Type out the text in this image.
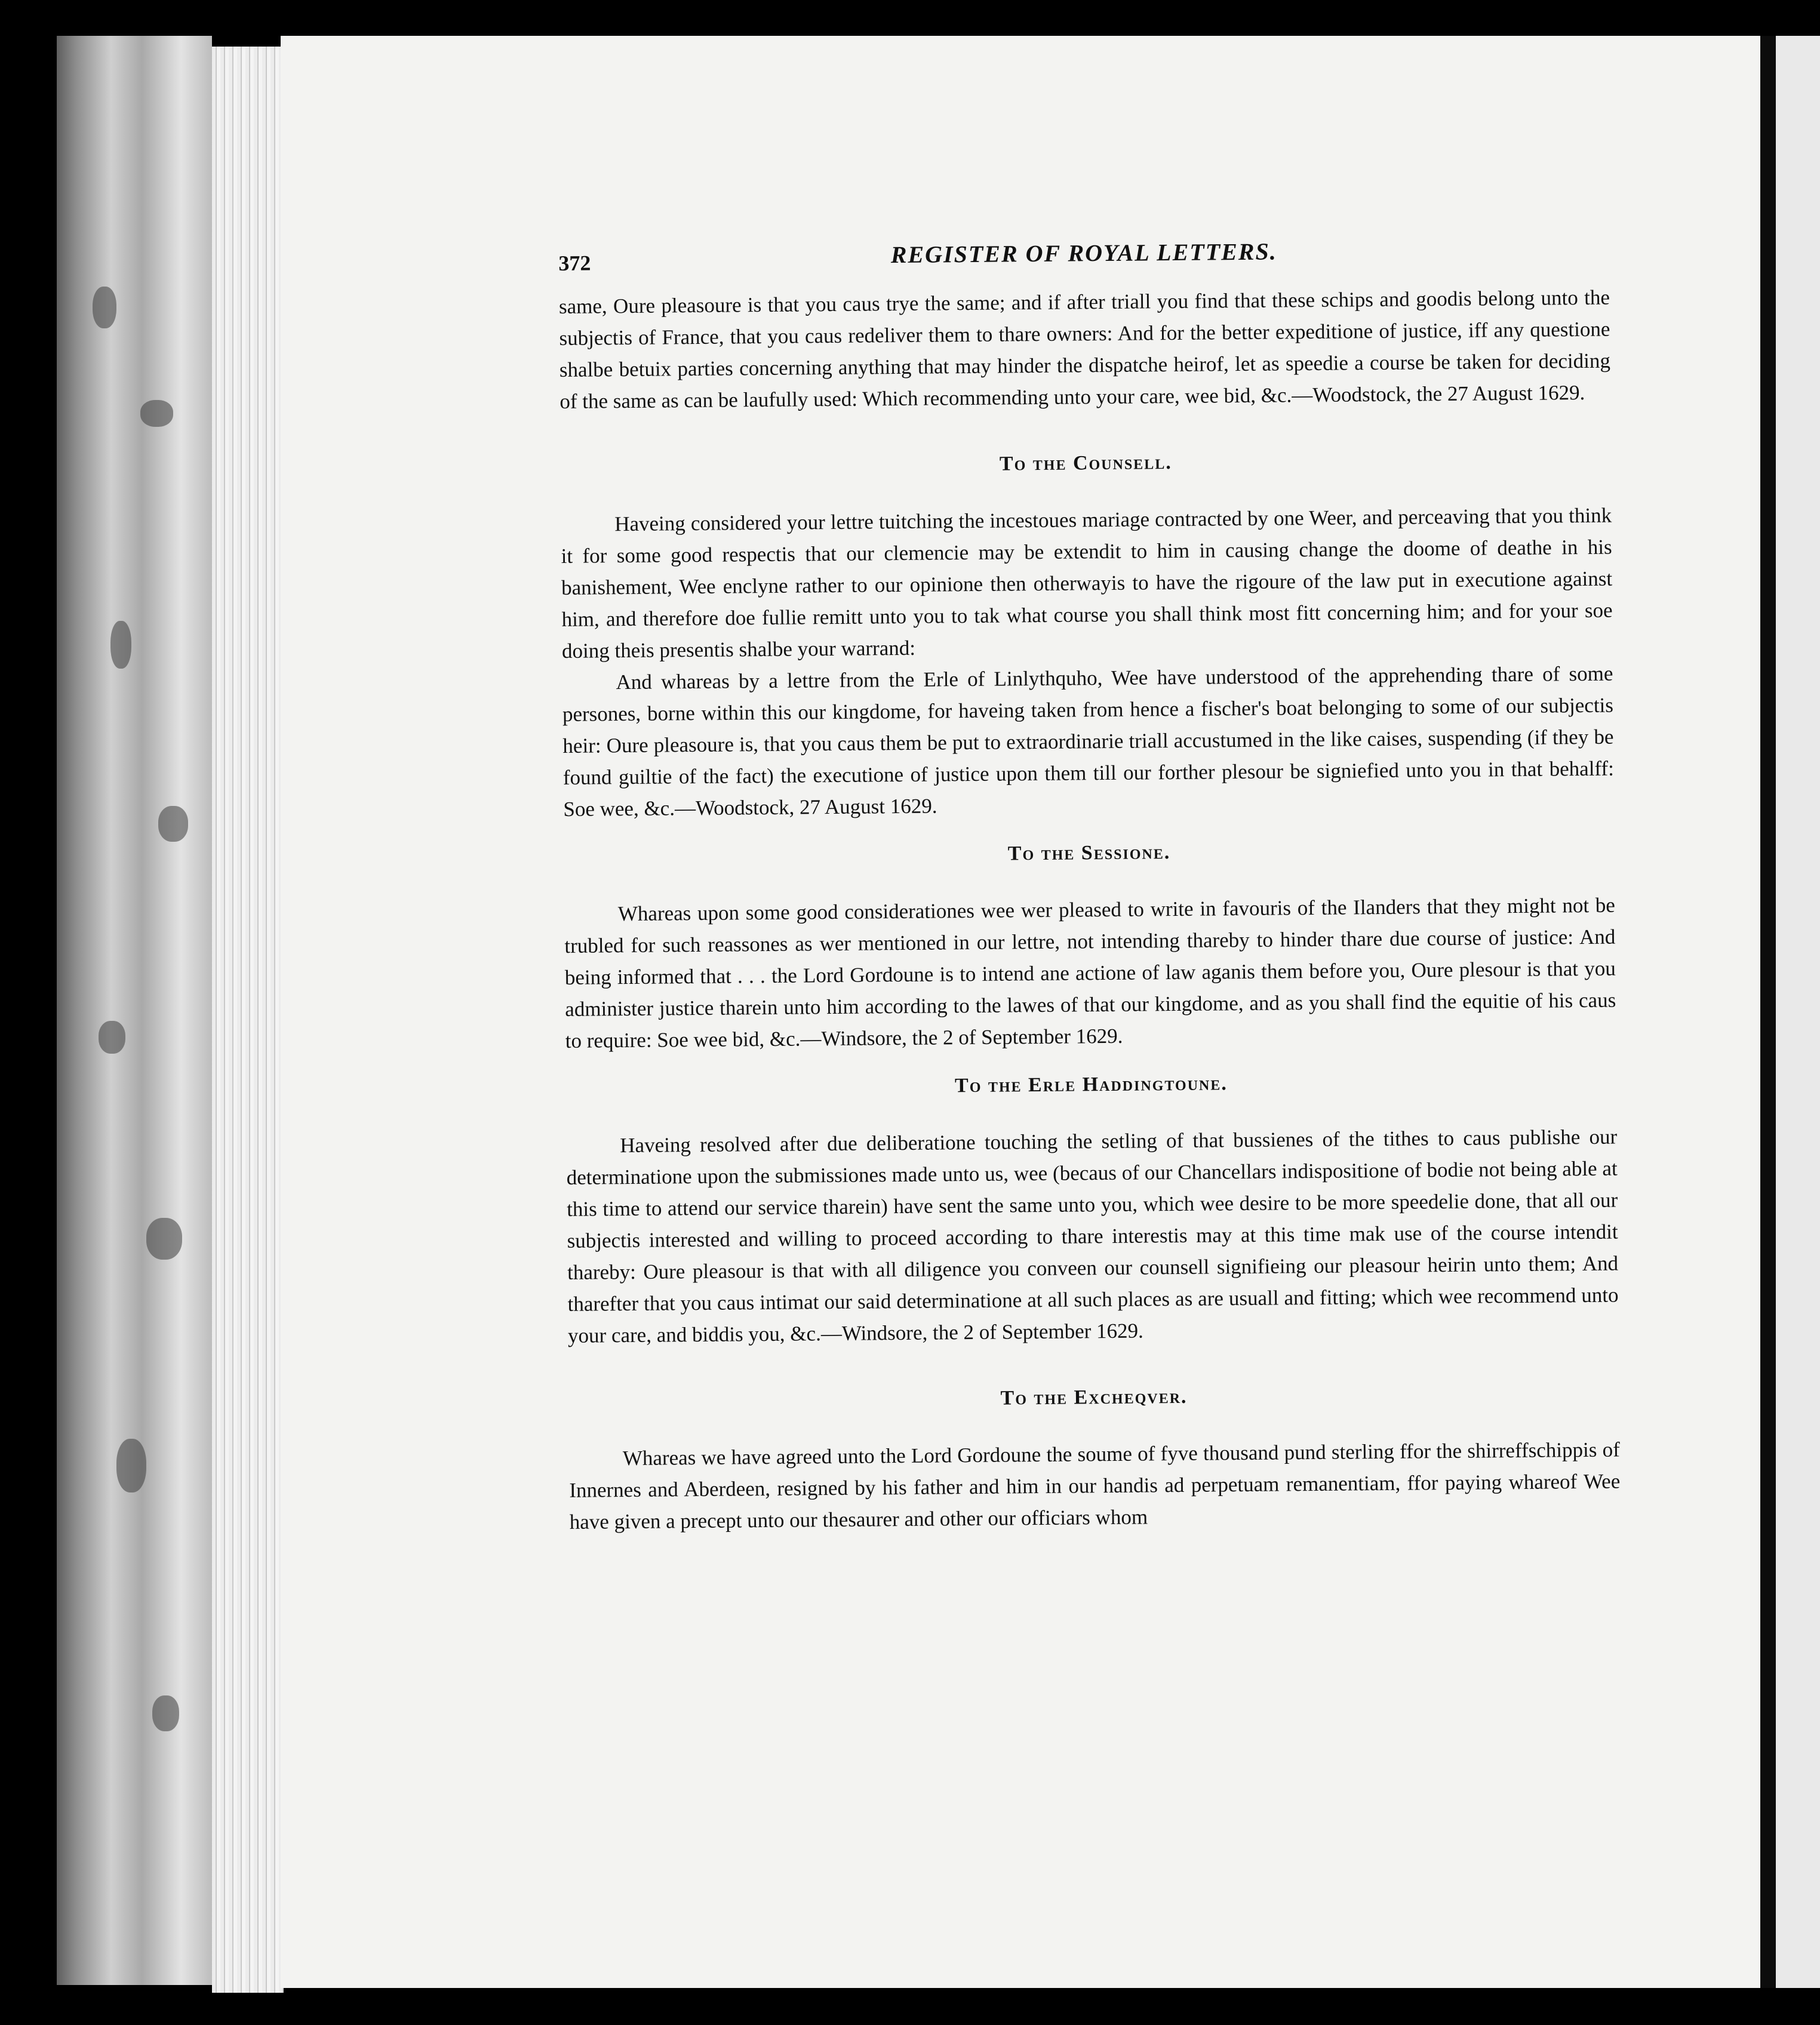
372	REGISTER OF ROYAL LETTERS.

same, Oure pleasoure is that you caus trye the same; and if after triall you find that these schips and goodis belong unto the subjectis of France, that you caus redeliver them to thare owners: And for the better expeditione of justice, iff any questione shalbe betuix parties concerning anything that may hinder the dispatche heirof, let as speedie a course be taken for deciding of the same as can be laufully used: Which recommending unto your care, wee bid, &c.—Woodstock, the 27 August 1629.

To the Counsell.

Haveing considered your lettre tuitching the incestoues mariage contracted by one Weer, and perceaving that you think it for some good respectis that our clemencie may be extendit to him in causing change the doome of deathe in his banishement, Wee enclyne rather to our opinione then otherwayis to have the rigoure of the law put in executione against him, and therefore doe fullie remitt unto you to tak what course you shall think most fitt concerning him; and for your soe doing theis presentis shalbe your warrand:

And whareas by a lettre from the Erle of Linlythquho, Wee have understood of the apprehending thare of some persones, borne within this our kingdome, for haveing taken from hence a fischer's boat belonging to some of our subjectis heir: Oure pleasoure is, that you caus them be put to extraordinarie triall accustumed in the like caises, suspending (if they be found guiltie of the fact) the executione of justice upon them till our forther plesour be signiefied unto you in that behalff: Soe wee, &c.—Woodstock, 27 August 1629.

To the Sessione.

Whareas upon some good considerationes wee wer pleased to write in favouris of the Ilanders that they might not be trubled for such reassones as wer mentioned in our lettre, not intending thareby to hinder thare due course of justice: And being informed that . . . the Lord Gordoune is to intend ane actione of law aganis them before you, Oure plesour is that you administer justice tharein unto him according to the lawes of that our kingdome, and as you shall find the equitie of his caus to require: Soe wee bid, &c.—Windsore, the 2 of September 1629.

To the Erle Haddingtoune.

Haveing resolved after due deliberatione touching the setling of that bussienes of the tithes to caus publishe our determinatione upon the submissiones made unto us, wee (becaus of our Chancellars indispositione of bodie not being able at this time to attend our service tharein) have sent the same unto you, which wee desire to be more speedelie done, that all our subjectis interested and willing to proceed according to thare interestis may at this time mak use of the course intendit thareby: Oure pleasour is that with all diligence you conveen our counsell signifieing our pleasour heirin unto them; And tharefter that you caus intimat our said determinatione at all such places as are usuall and fitting; which wee recommend unto your care, and biddis you, &c.—Windsore, the 2 of September 1629.

To the Excheqver.

Whareas we have agreed unto the Lord Gordoune the soume of fyve thousand pund sterling ffor the shirreffschippis of Innernes and Aberdeen, resigned by his father and him in our handis ad perpetuam remanentiam, ffor paying whareof Wee have given a precept unto our thesaurer and other our officiars whom
